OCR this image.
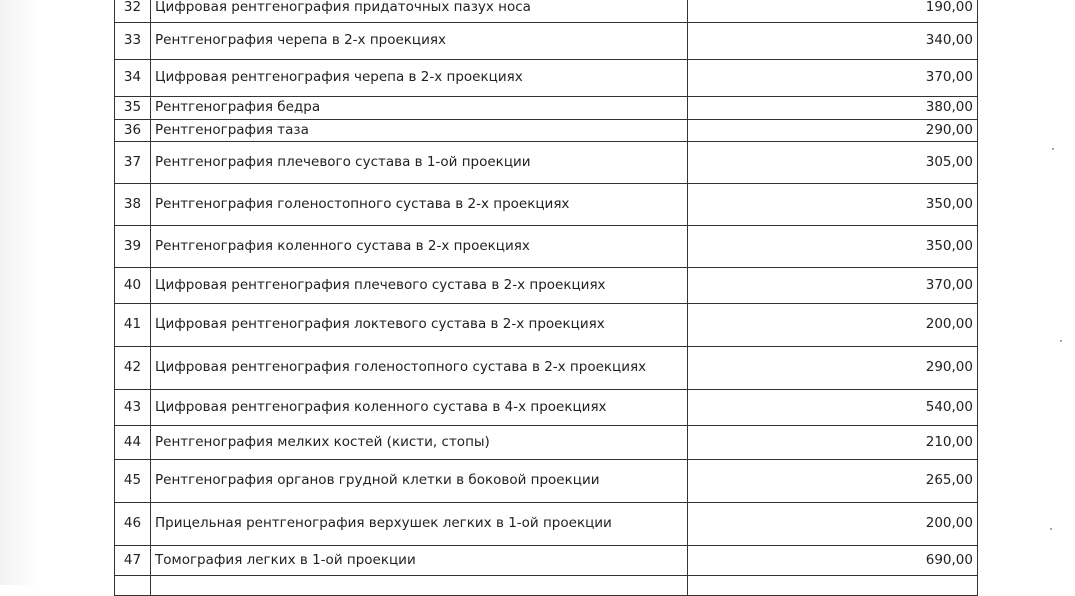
32	Цифровая рентгенография придаточных пазух носа	190,00
33	Рентгенография черепа в 2-х проекциях	340,00
34	Цифровая рентгенография черепа в 2-х проекциях	370,00
35	Рентгенография бедра	380,00
36	Рентгенография таза	290,00
37	Рентгенография плечевого сустава в 1-ой проекции	305,00
38	Рентгенография голеностопного сустава в 2-х проекциях	350,00
39	Рентгенография коленного сустава в 2-х проекциях	350,00
40	Цифровая рентгенография плечевого сустава в 2-х проекциях	370,00
41	Цифровая рентгенография локтевого сустава в 2-х проекциях	200,00
42	Цифровая рентгенография голеностопного сустава в 2-х проекциях	290,00
43	Цифровая рентгенография коленного сустава в 4-х проекциях	540,00
44	Рентгенография мелких костей (кисти, стопы)	210,00
45	Рентгенография органов грудной клетки в боковой проекции	265,00
46	Прицельная рентгенография верхушек легких в 1-ой проекции	200,00
47	Томография легких в 1-ой проекции	690,00
